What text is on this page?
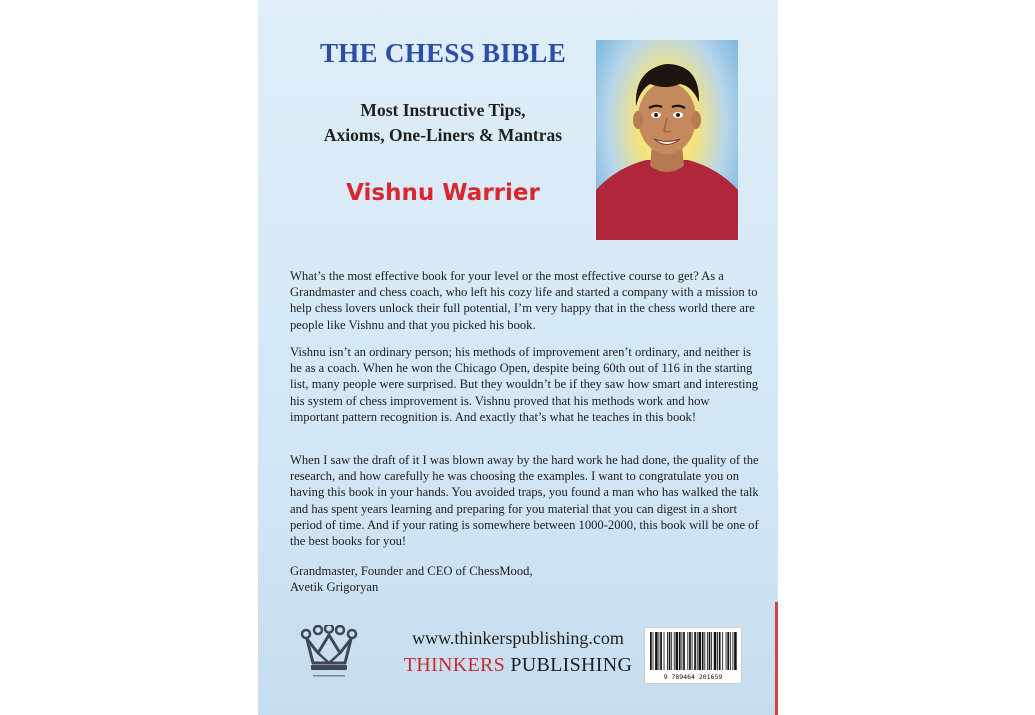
THE CHESS BIBLE
Most Instructive Tips,
Axioms, One-Liners & Mantras
Vishnu Warrier

What’s the most effective book for your level or the most effective course to get? As a Grandmaster and chess coach, who left his cozy life and started a company with a mission to help chess lovers unlock their full potential, I’m very happy that in the chess world there are people like Vishnu and that you picked his book.

Vishnu isn’t an ordinary person; his methods of improvement aren’t ordinary, and neither is he as a coach. When he won the Chicago Open, despite being 60th out of 116 in the starting list, many people were surprised. But they wouldn’t be if they saw how smart and interesting his system of chess improvement is. Vishnu proved that his methods work and how important pattern recognition is. And exactly that’s what he teaches in this book!

When I saw the draft of it I was blown away by the hard work he had done, the quality of the research, and how carefully he was choosing the examples. I want to congratulate you on having this book in your hands. You avoided traps, you found a man who has walked the talk and has spent years learning and preparing for you material that you can digest in a short period of time. And if your rating is somewhere between 1000-2000, this book will be one of the best books for you!

Grandmaster, Founder and CEO of ChessMood,
Avetik Grigoryan
www.thinkerspublishing.com
THINKERS PUBLISHING
9 789464 201659
